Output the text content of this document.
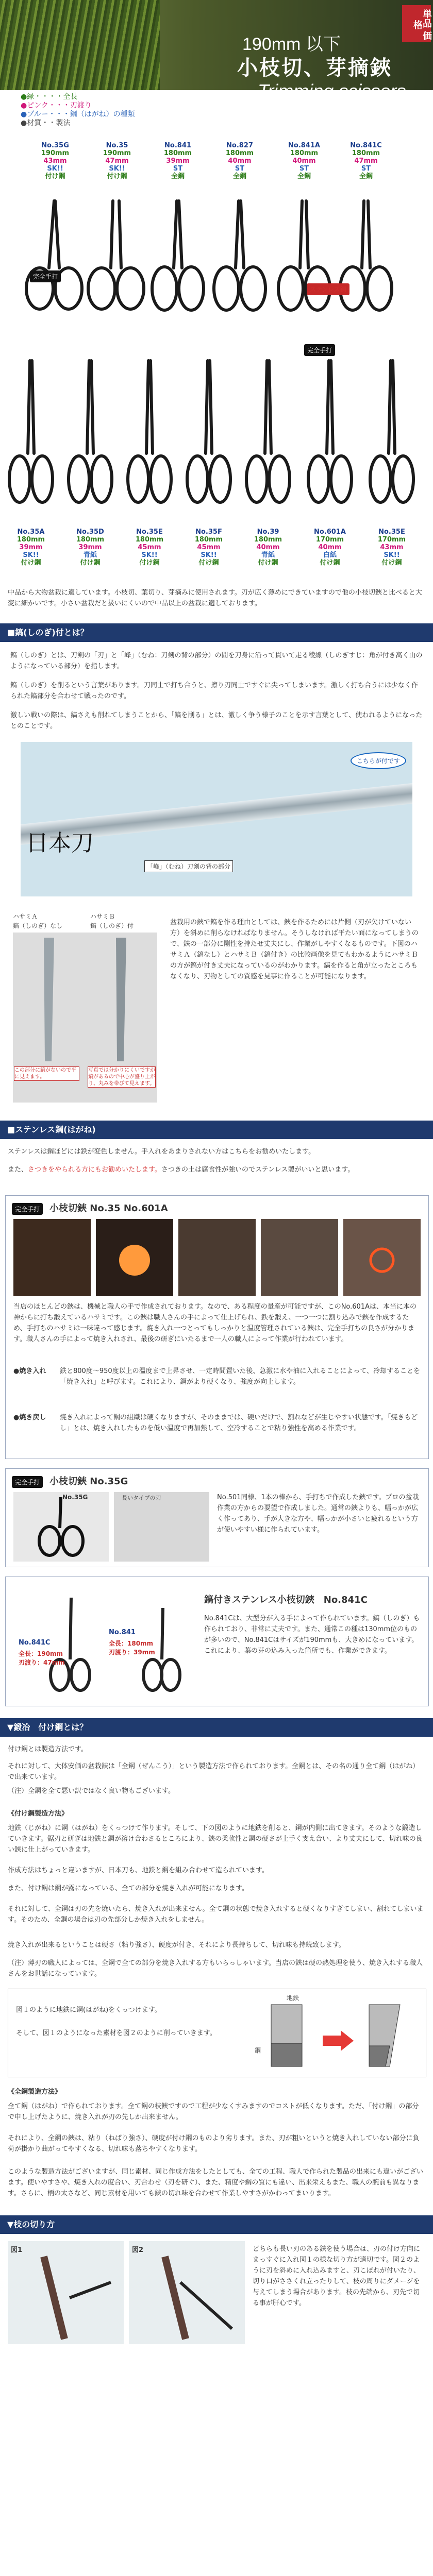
190mm 以下
小枝切、芽摘鋏
Trimming scissors
単品 価格
●緑・・・・全長
●ピンク・・・刃渡り
●ブルー・・・鋼（はがね）の種類
●材質・・製法
No.35G
190mm
43mm
SK!!
付け鋼
No.35
190mm
47mm
SK!!
付け鋼
No.841
180mm
39mm
ST
全鋼
No.827
180mm
40mm
ST
全鋼
No.841A
180mm
40mm
ST
全鋼
No.841C
180mm
47mm
ST
全鋼
完全手打
ステンレス鋼
完全手打
No.35A
180mm
39mm
SK!!
付け鋼
No.35D
180mm
39mm
青紙
付け鋼
No.35E
180mm
45mm
SK!!
付け鋼
No.35F
180mm
45mm
SK!!
付け鋼
No.39
180mm
40mm
青紙
付け鋼
No.601A
170mm
40mm
白紙
付け鋼
No.35E
170mm
43mm
SK!!
付け鋼
中品から大物盆栽に適しています。小枝切、葉切り、芽摘みに使用されます。刃が広く薄めにできていますので他の小枝切鋏と比べると大変に細かいです。小さい盆栽だと扱いにくいので中品以上の盆栽に適しております。
■鎬(しのぎ)付とは？
鎬（しのぎ）とは、刀剣の「刃」と「峰」（むね：刀剣の背の部分）の間を刀身に沿って貫いて走る稜線（しのぎすじ：角が付き高く山のようになっている部分）を指します。
鎬（しのぎ）を削るという言葉があります。刀同士で打ち合うと、擦り刃同士ですぐに尖ってしまいます。激しく打ち合うには少なく作られた鎬部分を合わせて戦ったのです。
激しい戦いの際は、鎬さえも削れてしまうことから、「鎬を削る」とは、激しく争う様子のことを示す言葉として、使われるようになったとのことです。
日本刀
「峰」（むね）刀剣の背の部分
こちらが付です
ハサミＡ
鎬（しのぎ）なし
ハサミＢ
鎬（しのぎ）付
この部分に鎬がないので平に見えます。
写真では分かりにくいですが鎬があるので中心が盛り上がり、丸みを帯びて見えます。
盆栽用の鋏で鎬を作る理由としては、鋏を作るためには片側（刃が欠けていない方）を斜めに削らなければなりません。そうしなければ平たい面になってしまうので、鋏の一部分に剛性を持たせ丈夫にし、作業がしやすくなるものです。下図のハサミＡ（鎬なし）とハサミＢ（鎬付き）の比較画像を見てもわかるようにハサミＢの方が鎬が付き丈夫になっているのがわかります。鎬を作ると角が立ったところもなくなり、刃物としての質感を見事に作ることが可能になります。
■ステンレス鋼(はがね)
ステンレスは鋼ほどには鉄が変色しません。手入れをあまりされない方はこちらをお勧めいたします。
また、さつきをやられる方にもお勧めいたします。さつきの土は腐食性が強いのでステンレス製がいいと思います。
完全手打	小枝切鋏 No.35 No.601A
当店のほとんどの鋏は、機械と職人の手で作成されております。なので、ある程度の量産が可能ですが、このNo.601Aは、本当に本の神からに打ち鍛えているハサミです。この鋏は職人さんの手によって仕上げられ、鉄を鍛え、一つ一つに割り込みで鋏を作成するため、手打ちのハサミは一味違って感じます。焼き入れ一つとってもしっかりと温度管理されている鋏は、完全手打ちの良さが分かります。職人さんの手によって焼き入れされ、最後の研ぎにいたるまで一人の職人によって作業が行われています。
●焼き入れ	鉄と800度～950度以上の温度まで上昇させ、一定時間置いた後、急激に水や油に入れることによって、冷却することを「焼き入れ」と呼びます。これにより、鋼がより硬くなり、強度が向上します。
●焼き戻し	焼き入れによって鋼の組織は硬くなりますが、そのままでは、硬いだけで、割れなどが生じやすい状態です。「焼きもどし」とは、焼き入れしたものを低い温度で再加熱して、空冷することで粘り強性を高める作業です。
完全手打	小枝切鋏 No.35G
No.35G	長いタイプの刃	No.501同様、1本の棒から、手打ちで作成した鋏です。プロの盆栽作業の方からの要望で作成しました。通常の鋏よりも、幅っかが広く作ってあり、手が大きな方や、幅っかが小さいと疲れるという方が使いやすい様に作られています。
鎬付きステンレス小枝切鋏　No.841C
No.841C
全長：190mm
刃渡り：47mm
No.841
全長：180mm
刃渡り：39mm
No.841Cは、大型分が入る手によって作られています。鎬（しのぎ）も作られており、非常に丈夫です。また、通常この種は130mm位のものが多いので、No.841Cはサイズが190mmも、大きめになっています。これにより、葉の芽の込み入った箇所でも、作業ができます。
▼鍛冶　付け鋼とは？
付け鋼とは製造方法です。
それに対して、大体安価の盆栽鋏は「全鋼（ぜんこう）」という製造方法で作られております。全鋼とは、その名の通り全て鋼（はがね）で出来ています。
（注）全鋼を全て悪い訳ではなく良い物もございます。
《付け鋼製造方法》
地鉄（じがね）に鋼（はがね）をくっつけて作ります。そして、下の図のように地鉄を削ると、鋼が内側に出てきます。そのような鍛造していきます。鋸刃と研ぎは地鉄と鋼が溶け合わさるところにより、鋏の柔軟性と鋼の硬さが上手く支え合い、より丈夫にして、切れ味の良い鋏に仕上がっていきます。
作成方法はちょっと違いますが、日本刀も、地鉄と鋼を組み合わせて造られています。
また、付け鋼は鋼が露になっている、全ての部分を焼き入れが可能になります。
それに対して、全鋼は刃の先を焼いたら、焼き入れが出来ません。全て鋼の状態で焼き入れすると硬くなりすぎてしまい、割れてしまいます。そのため、全鋼の場合は刃の先部分しか焼き入れをしません。
焼き入れが出来るということは硬さ（粘り強さ）、硬度が付き、それにより長持ちして、切れ味も持続致します。
（注）薄刃の職人によっては、全鋼で全ての部分を焼き入れする方もいらっしゃいます。当店の鋏は硬の熱処理を使う、焼き入れする職人さんをお世話になっています。
図１のように地鉄に鋼(はがね)をくっつけます。
そして、図１のようになった素材を図２のように削っていきます。
地鉄
鋼
《全鋼製造方法》
全て鋼（はがね）で作られております。全て鋼の枝鋏ですので工程が少なくすみますのでコストが低くなります。ただ、「付け鋼」の部分で申し上げたように、焼き入れが刃の先しか出来ません。
それにより、全鋼の鋏は、粘り（ねばり強さ）、硬度が付け鋼のものより劣ります。また、刃が粗いというと焼き入れしていない部分に負荷が掛かり曲がってやすくなる、切れ味も落ちやすくなります。
このような製造方法がございますが、同じ素材、同じ作成方法をしたとしても、全ての工程、職人で作られた製品の出来にも違いがございます。使いやすさや、焼き入れの度合い、刃合わせ（刃を研ぐ）、また、精度や鋼の質にも違い、出来栄えもまた、職人の腕前も異なります。さらに、柄の太さなど、同じ素材を用いても鋏の切れ味を合わせて作業しやすさがかわってまいります。
▼枝の切り方
図1	図2	どちらも長い刃のある鋏を使う場合は、刃の付け方向にまっすぐに入れ図１の様な切り方が適切です。図２のように刃を斜めに入れ込みますと、刃こぼれが付いたり、切り口がささくれ立ったりして、枝の周りにダメージを与えてしまう場合があります。枝の先端から、刃先で切る事が肝心です。
